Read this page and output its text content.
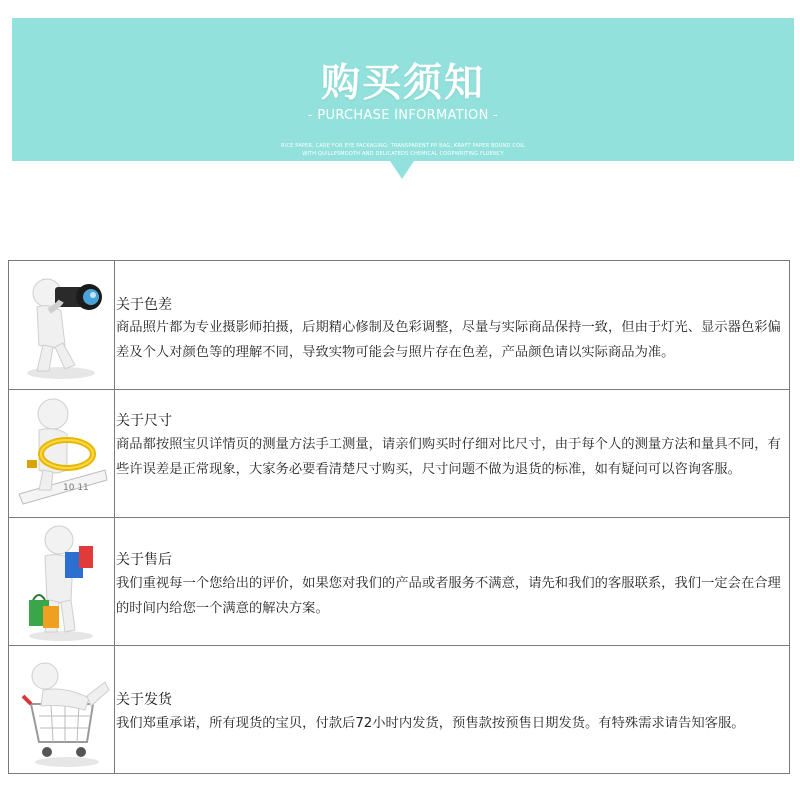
购买须知
- PURCHASE INFORMATION -
RICE PAPER, CARE FOR EYE PACKAGING: TRANSPARENT PP BAG, KRAFT PAPER BOUND COIL
WITH QUILLPSMOOTH AND DELICATEDS CHEMICAL COOPWRITING FLUENCY
关于色差
商品照片都为专业摄影师拍摄，后期精心修制及色彩调整，尽量与实际商品保持一致，但由于灯光、显示器色彩偏差及个人对颜色等的理解不同，导致实物可能会与照片存在色差，产品颜色请以实际商品为准。
10 11
关于尺寸
商品都按照宝贝详情页的测量方法手工测量，请亲们购买时仔细对比尺寸，由于每个人的测量方法和量具不同，有些许误差是正常现象，大家务必要看清楚尺寸购买，尺寸问题不做为退货的标准，如有疑问可以咨询客服。
关于售后
我们重视每一个您给出的评价，如果您对我们的产品或者服务不满意，请先和我们的客服联系，我们一定会在合理的时间内给您一个满意的解决方案。
关于发货
我们郑重承诺，所有现货的宝贝，付款后72小时内发货，预售款按预售日期发货。有特殊需求请告知客服。
